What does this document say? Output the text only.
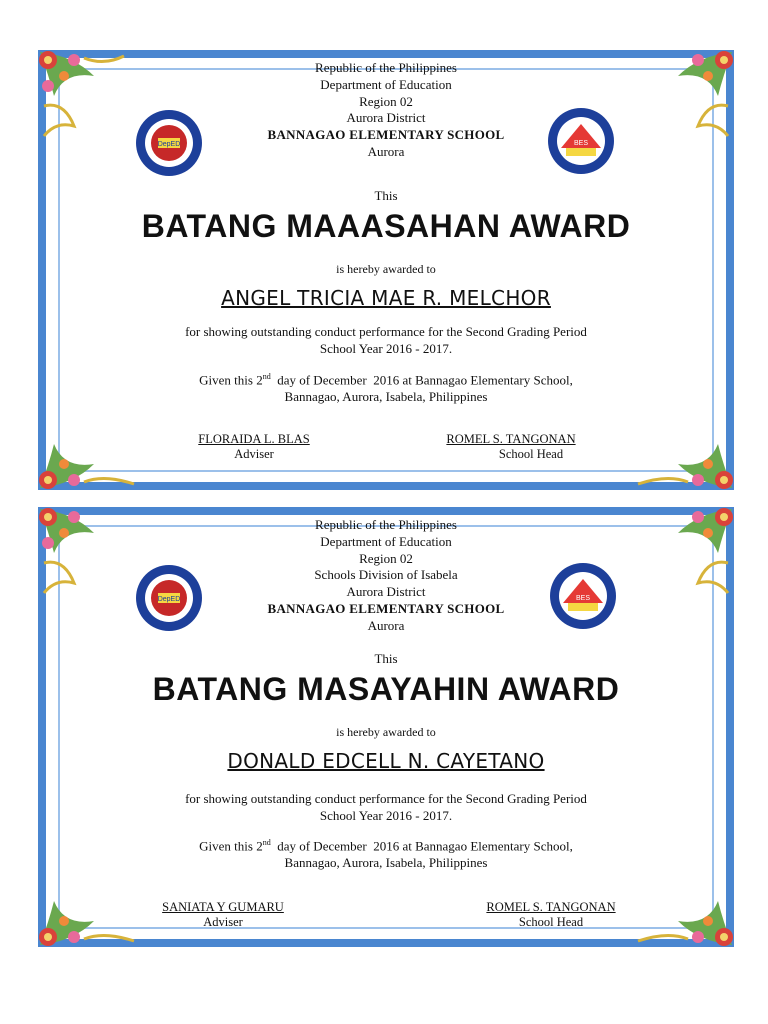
DepED	BES
Republic of the Philippines
Department of Education
Region 02
Aurora District
BANNAGAO ELEMENTARY SCHOOL
Aurora
This
BATANG MAAASAHAN AWARD
is hereby awarded to
ANGEL TRICIA MAE R. MELCHOR
for showing outstanding conduct performance for the Second Grading Period
School Year 2016 - 2017.
Given this 2nd  day of December  2016 at Bannagao Elementary School,
Bannagao, Aurora, Isabela, Philippines
FLORAIDA L. BLAS
Adviser
ROMEL S. TANGONAN
School Head
DepED	BES
Republic of the Philippines
Department of Education
Region 02
Schools Division of Isabela
Aurora District
BANNAGAO ELEMENTARY SCHOOL
Aurora
This
BATANG MASAYAHIN AWARD
is hereby awarded to
DONALD EDCELL N. CAYETANO
for showing outstanding conduct performance for the Second Grading Period
School Year 2016 - 2017.
Given this 2nd  day of December  2016 at Bannagao Elementary School,
Bannagao, Aurora, Isabela, Philippines
SANIATA Y GUMARU
Adviser
ROMEL S. TANGONAN
School Head
